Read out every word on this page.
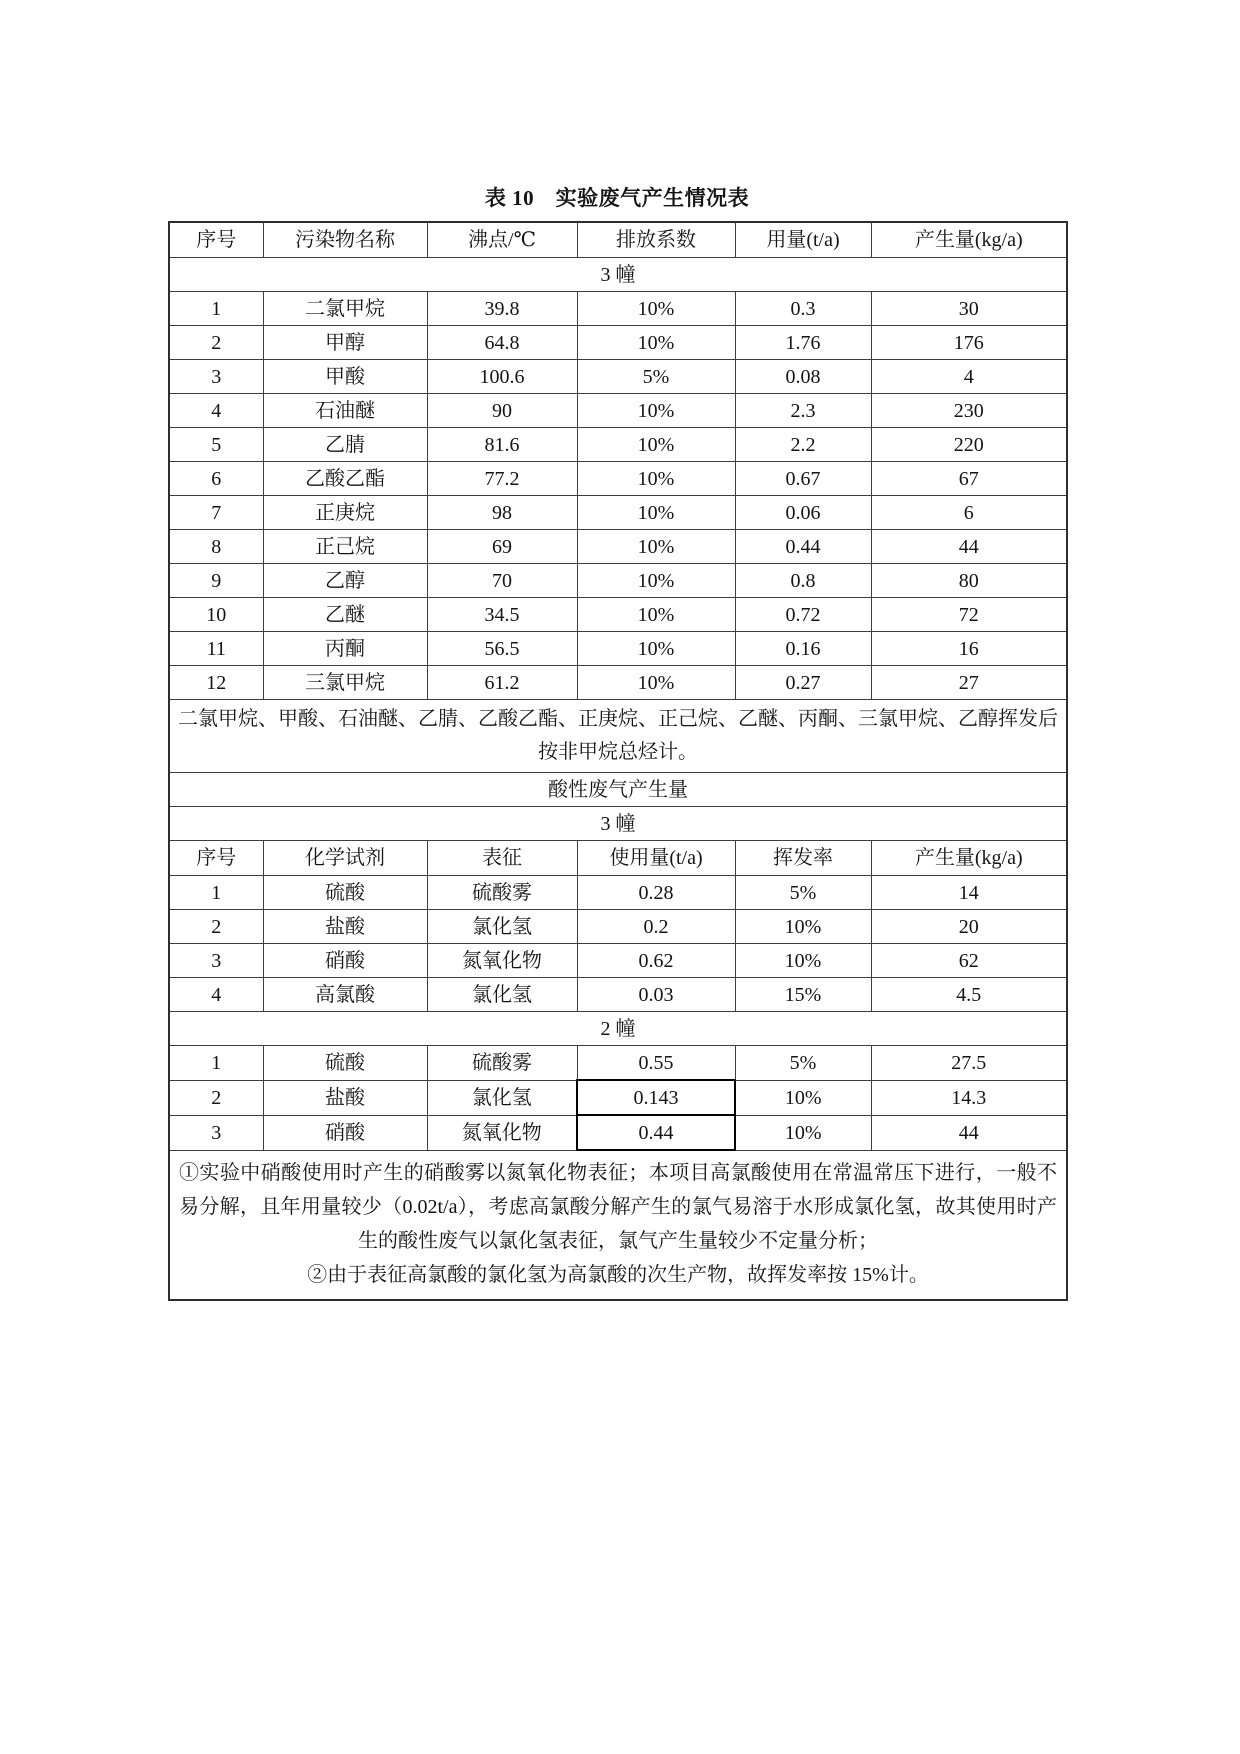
表 10　实验废气产生情况表
序号	污染物名称	沸点/℃	排放系数	用量(t/a)	产生量(kg/a)
3 幢					
1	二氯甲烷	39.8	10%	0.3	30
2	甲醇	64.8	10%	1.76	176
3	甲酸	100.6	5%	0.08	4
4	石油醚	90	10%	2.3	230
5	乙腈	81.6	10%	2.2	220
6	乙酸乙酯	77.2	10%	0.67	67
7	正庚烷	98	10%	0.06	6
8	正己烷	69	10%	0.44	44
9	乙醇	70	10%	0.8	80
10	乙醚	34.5	10%	0.72	72
11	丙酮	56.5	10%	0.16	16
12	三氯甲烷	61.2	10%	0.27	27
二氯甲烷、甲酸、石油醚、乙腈、乙酸乙酯、正庚烷、正己烷、乙醚、丙酮、三氯甲烷、乙醇挥发后按非甲烷总烃计。					
酸性废气产生量					
3 幢					
序号	化学试剂	表征	使用量(t/a)	挥发率	产生量(kg/a)
1	硫酸	硫酸雾	0.28	5%	14
2	盐酸	氯化氢	0.2	10%	20
3	硝酸	氮氧化物	0.62	10%	62
4	高氯酸	氯化氢	0.03	15%	4.5
2 幢					
1	硫酸	硫酸雾	0.55	5%	27.5
2	盐酸	氯化氢	0.143	10%	14.3
3	硝酸	氮氧化物	0.44	10%	44

①实验中硝酸使用时产生的硝酸雾以氮氧化物表征；本项目高氯酸使用在常温常压下进行，一般不易分解，且年用量较少（0.02t/a），考虑高氯酸分解产生的氯气易溶于水形成氯化氢，故其使用时产生的酸性废气以氯化氢表征，氯气产生量较少不定量分析；

②由于表征高氯酸的氯化氢为高氯酸的次生产物，故挥发率按 15%计。					
